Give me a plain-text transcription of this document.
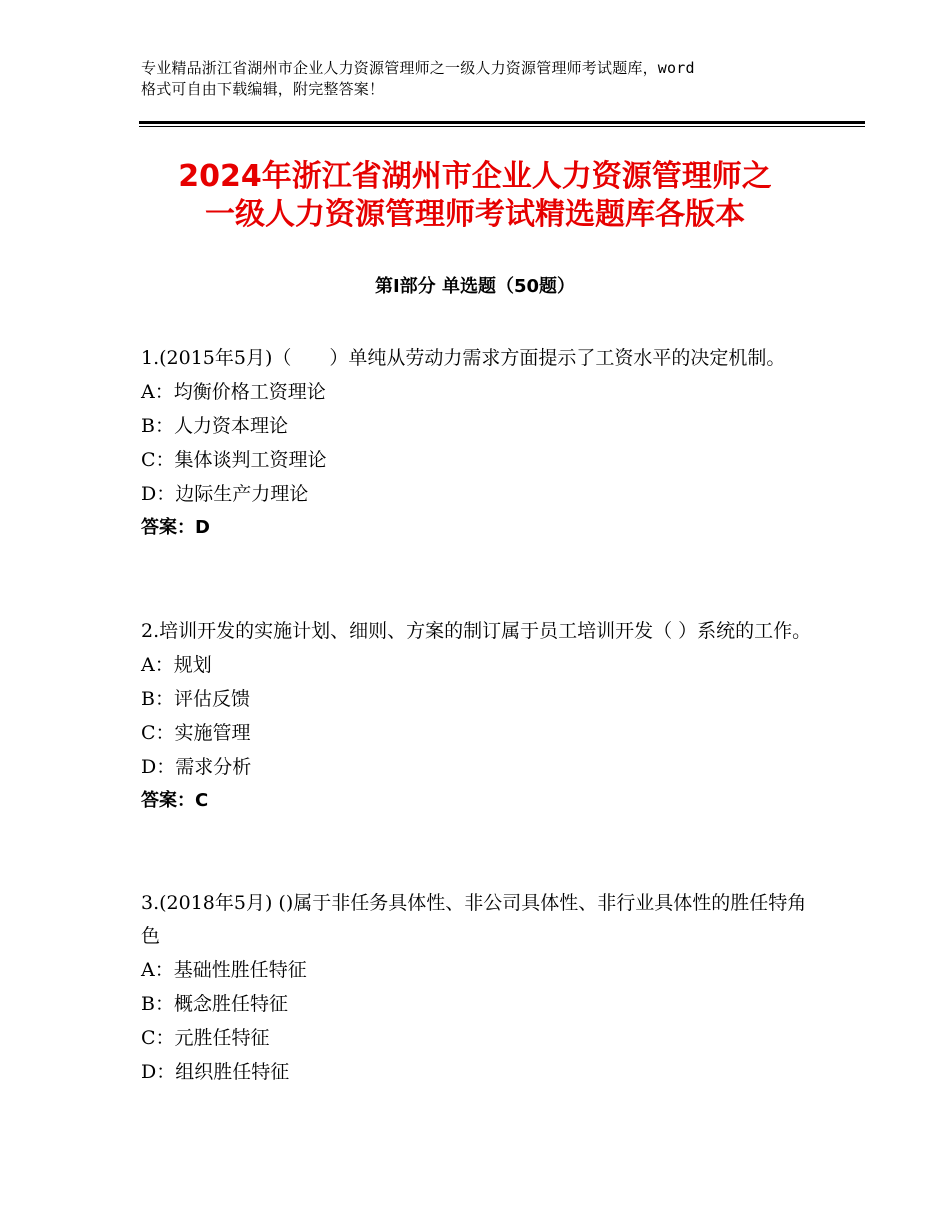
专业精品浙江省湖州市企业人力资源管理师之一级人力资源管理师考试题库，word
格式可自由下载编辑，附完整答案！
2024年浙江省湖州市企业人力资源管理师之
一级人力资源管理师考试精选题库各版本
第Ⅰ部分 单选题（50题）

1.(2015年5月)（　　）单纯从劳动力需求方面提示了工资水平的决定机制。

A：均衡价格工资理论

B：人力资本理论

C：集体谈判工资理论

D：边际生产力理论

答案：D

2.培训开发的实施计划、细则、方案的制订属于员工培训开发（ ）系统的工作。

A：规划

B：评估反馈

C：实施管理

D：需求分析

答案：C

3.(2018年5月) ()属于非任务具体性、非公司具体性、非行业具体性的胜任特角色

A：基础性胜任特征

B：概念胜任特征

C：元胜任特征

D：组织胜任特征
